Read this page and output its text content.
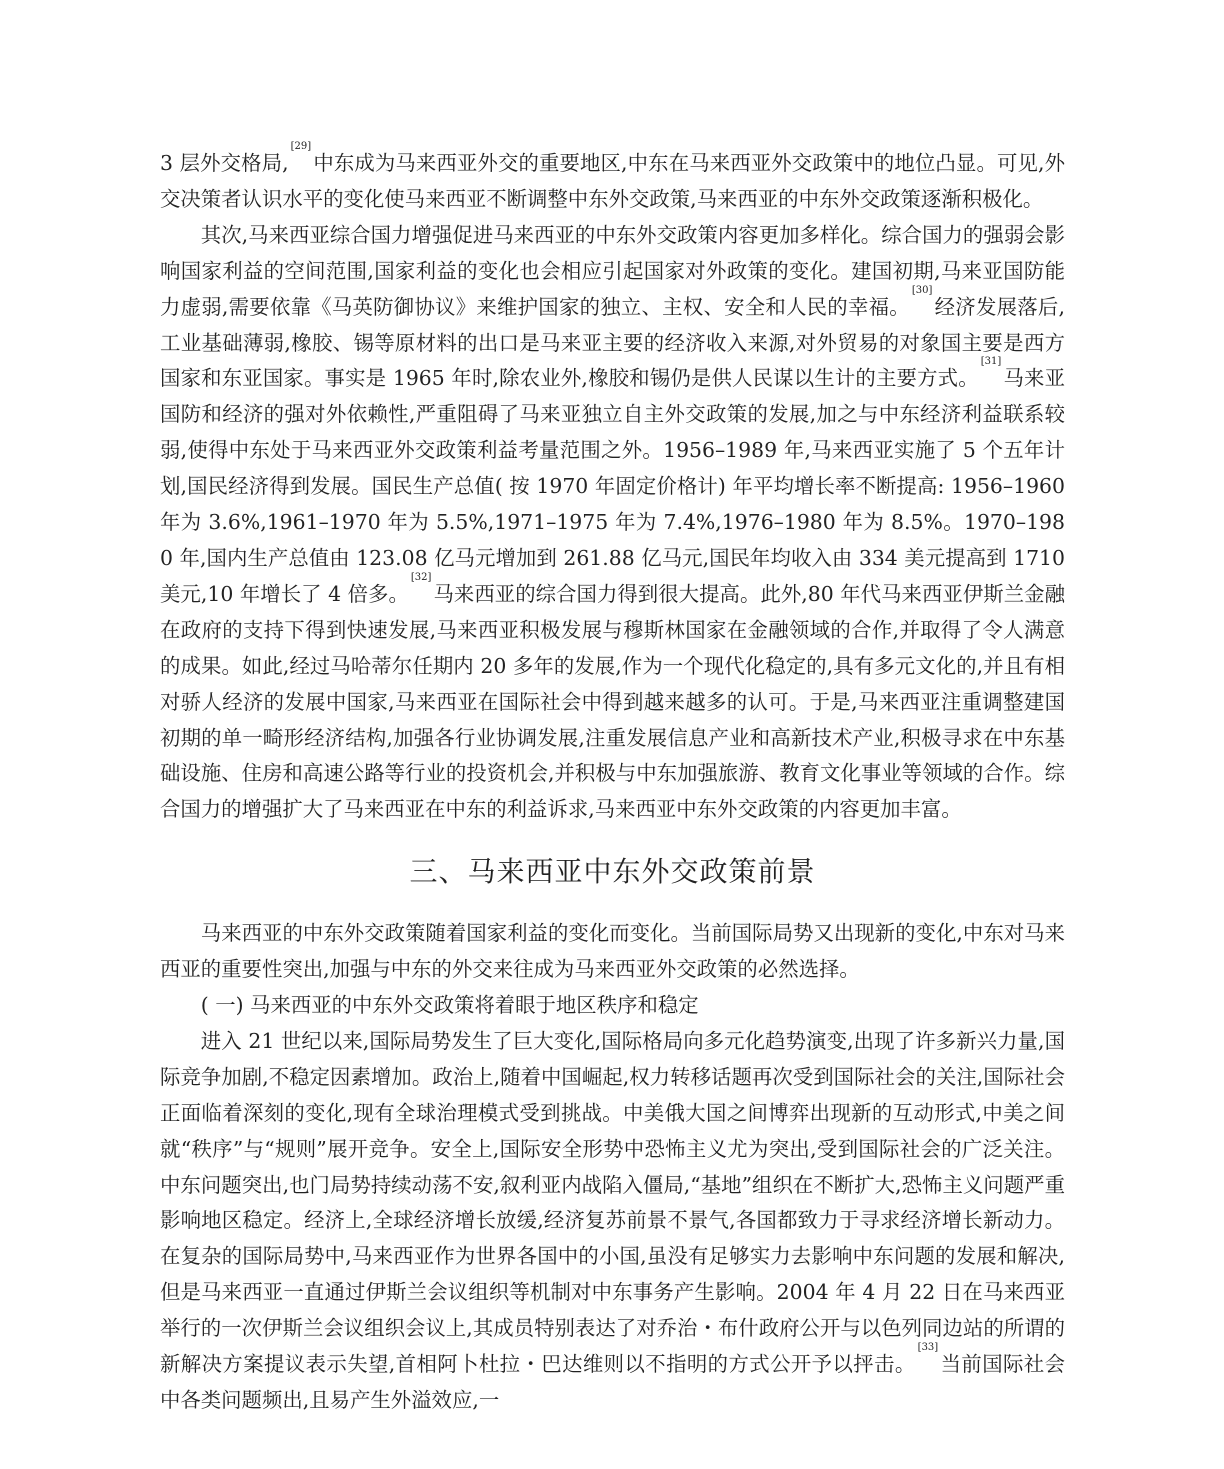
3 层外交格局,[29]中东成为马来西亚外交的重要地区,中东在马来西亚外交政策中的地位凸显。可见,外交决策者认识水平的变化使马来西亚不断调整中东外交政策,马来西亚的中东外交政策逐渐积极化。

其次,马来西亚综合国力增强促进马来西亚的中东外交政策内容更加多样化。综合国力的强弱会影响国家利益的空间范围,国家利益的变化也会相应引起国家对外政策的变化。建国初期,马来亚国防能力虚弱,需要依靠《马英防御协议》来维护国家的独立、主权、安全和人民的幸福。[30]经济发展落后,工业基础薄弱,橡胶、锡等原材料的出口是马来亚主要的经济收入来源,对外贸易的对象国主要是西方国家和东亚国家。事实是 1965 年时,除农业外,橡胶和锡仍是供人民谋以生计的主要方式。[31]马来亚国防和经济的强对外依赖性,严重阻碍了马来亚独立自主外交政策的发展,加之与中东经济利益联系较弱,使得中东处于马来西亚外交政策利益考量范围之外。1956–1989 年,马来西亚实施了 5 个五年计划,国民经济得到发展。国民生产总值( 按 1970 年固定价格计) 年平均增长率不断提高: 1956–1960 年为 3.6%,1961–1970 年为 5.5%,1971–1975 年为 7.4%,1976–1980 年为 8.5%。1970–1980 年,国内生产总值由 123.08 亿马元增加到 261.88 亿马元,国民年均收入由 334 美元提高到 1710 美元,10 年增长了 4 倍多。[32]马来西亚的综合国力得到很大提高。此外,80 年代马来西亚伊斯兰金融在政府的支持下得到快速发展,马来西亚积极发展与穆斯林国家在金融领域的合作,并取得了令人满意的成果。如此,经过马哈蒂尔任期内 20 多年的发展,作为一个现代化稳定的,具有多元文化的,并且有相对骄人经济的发展中国家,马来西亚在国际社会中得到越来越多的认可。于是,马来西亚注重调整建国初期的单一畸形经济结构,加强各行业协调发展,注重发展信息产业和高新技术产业,积极寻求在中东基础设施、住房和高速公路等行业的投资机会,并积极与中东加强旅游、教育文化事业等领域的合作。综合国力的增强扩大了马来西亚在中东的利益诉求,马来西亚中东外交政策的内容更加丰富。

三、马来西亚中东外交政策前景

马来西亚的中东外交政策随着国家利益的变化而变化。当前国际局势又出现新的变化,中东对马来西亚的重要性突出,加强与中东的外交来往成为马来西亚外交政策的必然选择。

( 一) 马来西亚的中东外交政策将着眼于地区秩序和稳定

进入 21 世纪以来,国际局势发生了巨大变化,国际格局向多元化趋势演变,出现了许多新兴力量,国际竞争加剧,不稳定因素增加。政治上,随着中国崛起,权力转移话题再次受到国际社会的关注,国际社会正面临着深刻的变化,现有全球治理模式受到挑战。中美俄大国之间博弈出现新的互动形式,中美之间就“秩序”与“规则”展开竞争。安全上,国际安全形势中恐怖主义尤为突出,受到国际社会的广泛关注。中东问题突出,也门局势持续动荡不安,叙利亚内战陷入僵局,“基地”组织在不断扩大,恐怖主义问题严重影响地区稳定。经济上,全球经济增长放缓,经济复苏前景不景气,各国都致力于寻求经济增长新动力。在复杂的国际局势中,马来西亚作为世界各国中的小国,虽没有足够实力去影响中东问题的发展和解决,但是马来西亚一直通过伊斯兰会议组织等机制对中东事务产生影响。2004 年 4 月 22 日在马来西亚举行的一次伊斯兰会议组织会议上,其成员特别表达了对乔治・布什政府公开与以色列同边站的所谓的新解决方案提议表示失望,首相阿卜杜拉・巴达维则以不指明的方式公开予以抨击。[33]当前国际社会中各类问题频出,且易产生外溢效应,一
